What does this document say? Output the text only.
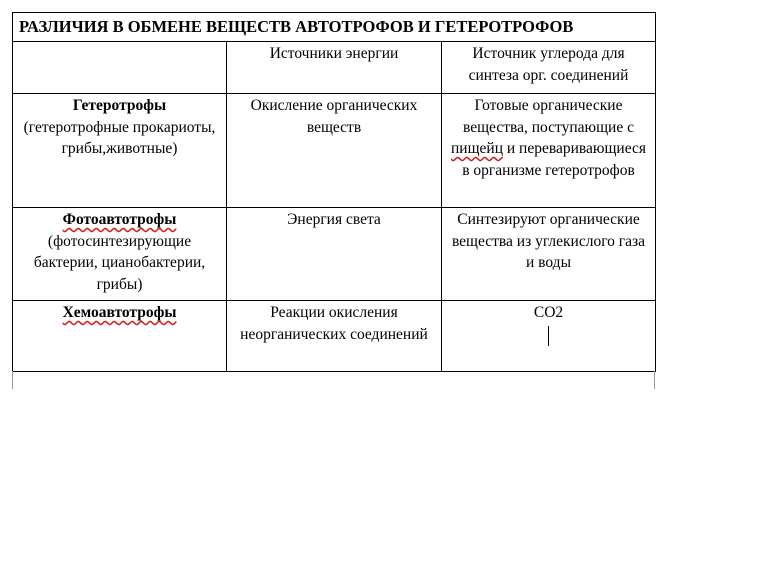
РАЗЛИЧИЯ В ОБМЕНЕ ВЕЩЕСТВ АВТОТРОФОВ И ГЕТЕРОТРОФОВ		
	Источники энергии	Источник углерода для синтеза орг. соединений

Гетеротрофы
(гетеротрофные прокариоты, грибы,животные)	Окисление органических веществ	Готовые органические вещества, поступающие с пищейц и переваривающиеся в организме гетеротрофов

Фотоавтотрофы
(фотосинтезирующие бактерии, цианобактерии, грибы)	Энергия света	Синтезируют органические вещества из углекислого газа и воды

Хемоавтотрофы	Реакции окисления неорганических соединений	CO2
